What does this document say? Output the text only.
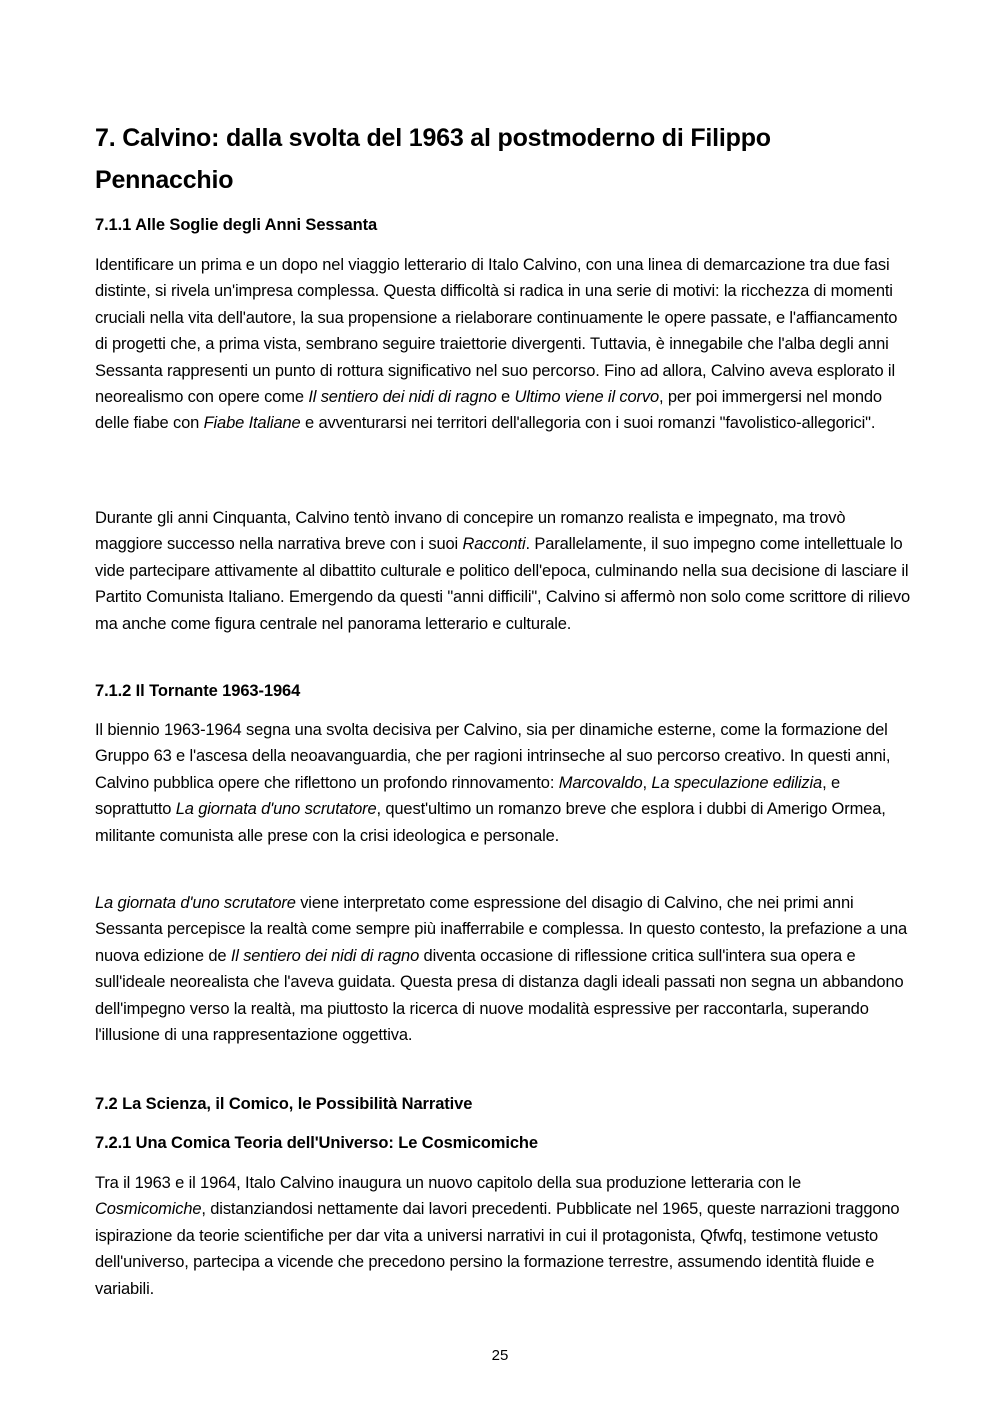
7. Calvino: dalla svolta del 1963 al postmoderno di Filippo Pennacchio
7.1.1 Alle Soglie degli Anni Sessanta

Identificare un prima e un dopo nel viaggio letterario di Italo Calvino, con una linea di demarcazione tra due fasi distinte, si rivela un'impresa complessa. Questa difficoltà si radica in una serie di motivi: la ricchezza di momenti cruciali nella vita dell'autore, la sua propensione a rielaborare continuamente le opere passate, e l'affiancamento di progetti che, a prima vista, sembrano seguire traiettorie divergenti. Tuttavia, è innegabile che l'alba degli anni Sessanta rappresenti un punto di rottura significativo nel suo percorso. Fino ad allora, Calvino aveva esplorato il neorealismo con opere come Il sentiero dei nidi di ragno e Ultimo viene il corvo, per poi immergersi nel mondo delle fiabe con Fiabe Italiane e avventurarsi nei territori dell'allegoria con i suoi romanzi "favolistico-allegorici".

Durante gli anni Cinquanta, Calvino tentò invano di concepire un romanzo realista e impegnato, ma trovò maggiore successo nella narrativa breve con i suoi Racconti. Parallelamente, il suo impegno come intellettuale lo vide partecipare attivamente al dibattito culturale e politico dell'epoca, culminando nella sua decisione di lasciare il Partito Comunista Italiano. Emergendo da questi "anni difficili", Calvino si affermò non solo come scrittore di rilievo ma anche come figura centrale nel panorama letterario e culturale.

7.1.2 Il Tornante 1963-1964

Il biennio 1963-1964 segna una svolta decisiva per Calvino, sia per dinamiche esterne, come la formazione del Gruppo 63 e l'ascesa della neoavanguardia, che per ragioni intrinseche al suo percorso creativo. In questi anni, Calvino pubblica opere che riflettono un profondo rinnovamento: Marcovaldo, La speculazione edilizia, e soprattutto La giornata d'uno scrutatore, quest'ultimo un romanzo breve che esplora i dubbi di Amerigo Ormea, militante comunista alle prese con la crisi ideologica e personale.

La giornata d'uno scrutatore viene interpretato come espressione del disagio di Calvino, che nei primi anni Sessanta percepisce la realtà come sempre più inafferrabile e complessa. In questo contesto, la prefazione a una nuova edizione de Il sentiero dei nidi di ragno diventa occasione di riflessione critica sull'intera sua opera e sull'ideale neorealista che l'aveva guidata. Questa presa di distanza dagli ideali passati non segna un abbandono dell'impegno verso la realtà, ma piuttosto la ricerca di nuove modalità espressive per raccontarla, superando l'illusione di una rappresentazione oggettiva.

7.2 La Scienza, il Comico, le Possibilità Narrative
7.2.1 Una Comica Teoria dell'Universo: Le Cosmicomiche

Tra il 1963 e il 1964, Italo Calvino inaugura un nuovo capitolo della sua produzione letteraria con le Cosmicomiche, distanziandosi nettamente dai lavori precedenti. Pubblicate nel 1965, queste narrazioni traggono ispirazione da teorie scientifiche per dar vita a universi narrativi in cui il protagonista, Qfwfq, testimone vetusto dell'universo, partecipa a vicende che precedono persino la formazione terrestre, assumendo identità fluide e variabili.

25
